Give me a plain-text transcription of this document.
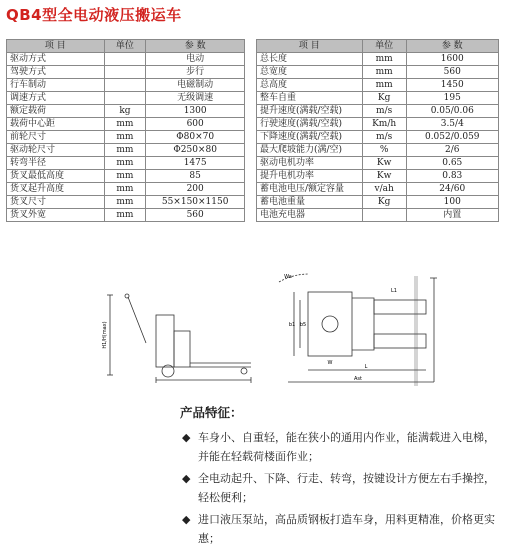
QB4型全电动液压搬运车
项 目	单位	参 数
驱动方式		电动
驾驶方式		步行
行车制动		电磁制动
调速方式		无级调速
额定载荷	kg	1300
载荷中心距	mm	600
前轮尺寸	mm	Φ80×70
驱动轮尺寸	mm	Φ250×80
转弯半径	mm	1475
货叉最低高度	mm	85
货叉起升高度	mm	200
货叉尺寸	mm	55×150×1150
货叉外宽	mm	560
项 目	单位	参 数
总长度	mm	1600
总宽度	mm	560
总高度	mm	1450
整车自重	Kg	195
提升速度(满载/空载)	m/s	0.05/0.06
行驶速度(满载/空载)	Km/h	3.5/4
下降速度(满载/空载)	m/s	0.052/0.059
最大爬坡能力(满/空)	%	2/6
驱动电机功率	Kw	0.65
提升电机功率	Kw	0.83
蓄电池电压/额定容量	v/ah	24/60
蓄电池重量	Kg	100
电池充电器		内置
H1/H(max)
L
Ast
b1 b5
L1
W
Wa
产品特征：
◆ 车身小、自重轻，能在狭小的通用内作业，能满载进入电梯，并能在轻载荷楼面作业；
◆ 全电动起升、下降、行走、转弯，按键设计方便左右手操控，轻松便利；
◆ 进口液压泵站，高品质钢板打造车身，用料更精准，价格更实惠；
